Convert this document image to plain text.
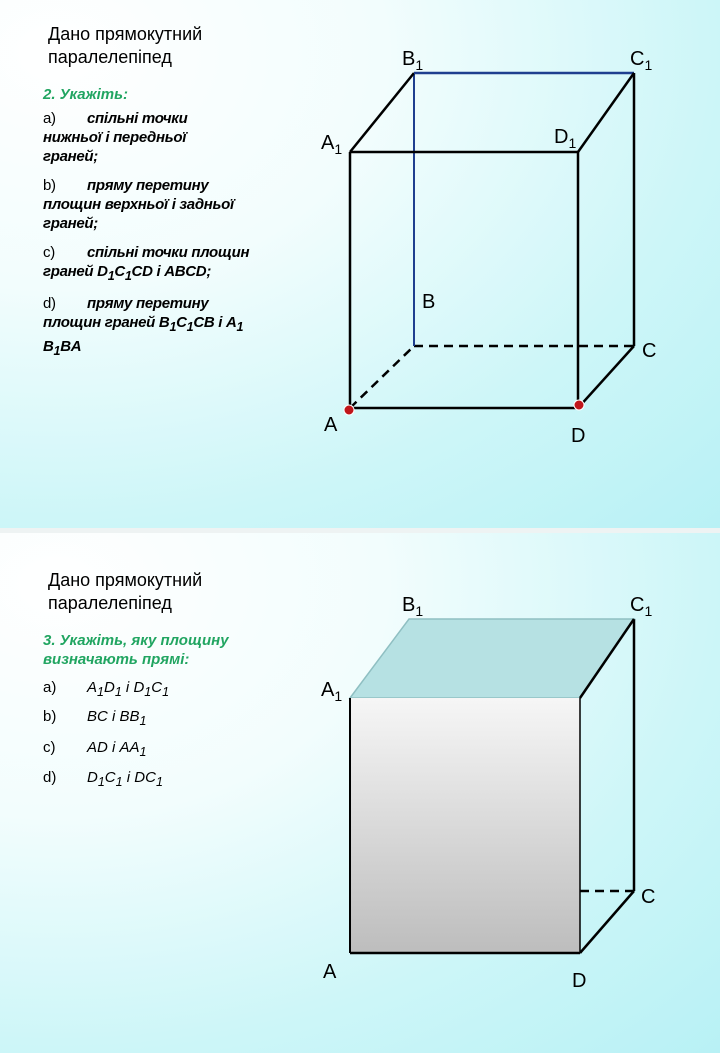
Дано прямокутний
паралелепіпед
2. Укажіть:
a) спільні точки
нижньої і передньої
граней;
b) пряму перетину
площин верхньої і задньої
граней;
c) спільні точки площин
граней $D_1C_1CD$ і ABCD;
d) пряму перетину
площин граней $B_1C_1CB$ і $A_1$
$B_1BA$
$B_1$	$C_1$
$A_1$
$D_1$
B
C
A	D
Дано прямокутний
паралелепіпед
3. Укажіть, яку площину
визначають прямі:
a) $A_1D_1$ і $D_1C_1$
b) BC і $BB_1$
c) AD і $AA_1$
d) $D_1C_1$ і $DC_1$
$B_1$	$C_1$
$A_1$
C
A	D
